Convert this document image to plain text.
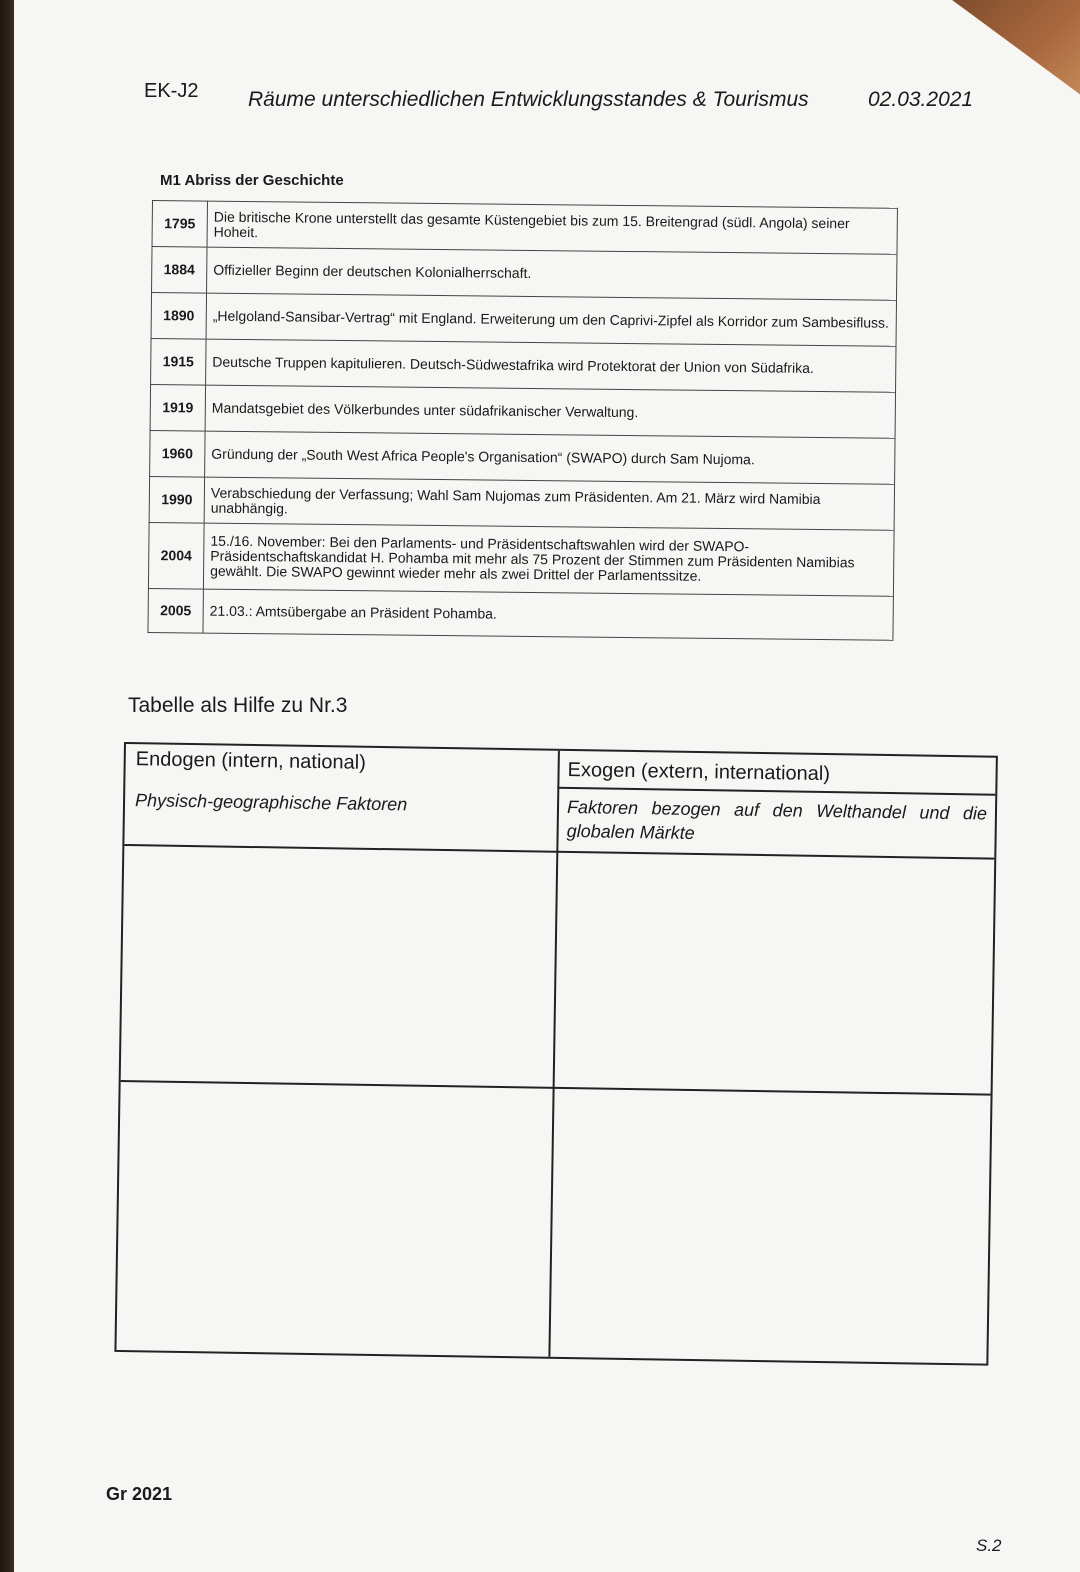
EK-J2 Räume unterschiedlichen Entwicklungsstandes & Tourismus	02.03.2021
M1 Abriss der Geschichte
1795	Die britische Krone unterstellt das gesamte Küstengebiet bis zum 15. Breitengrad (südl. Angola) seiner Hoheit.
1884	Offizieller Beginn der deutschen Kolonialherrschaft.
1890	„Helgoland-Sansibar-Vertrag“ mit England. Erweiterung um den Caprivi-Zipfel als Korridor zum Sambesifluss.
1915	Deutsche Truppen kapitulieren. Deutsch-Südwestafrika wird Protektorat der Union von Südafrika.
1919	Mandatsgebiet des Völkerbundes unter südafrikanischer Verwaltung.
1960	Gründung der „South West Africa People's Organisation“ (SWAPO) durch Sam Nujoma.
1990	Verabschiedung der Verfassung; Wahl Sam Nujomas zum Präsidenten. Am 21. März wird Namibia unabhängig.
2004	15./16. November: Bei den Parlaments- und Präsidentschaftswahlen wird der SWAPO-Präsidentschaftskandidat H. Pohamba mit mehr als 75 Prozent der Stimmen zum Präsidenten Namibias gewählt. Die SWAPO gewinnt wieder mehr als zwei Drittel der Parlamentssitze.
2005	21.03.: Amtsübergabe an Präsident Pohamba.
Tabelle als Hilfe zu Nr.3
Endogen (intern, national)
Physisch-geographische Faktoren
Exogen (extern, international)
Faktoren bezogen auf den Welthandel und die globalen Märkte
Gr 2021
S.2
